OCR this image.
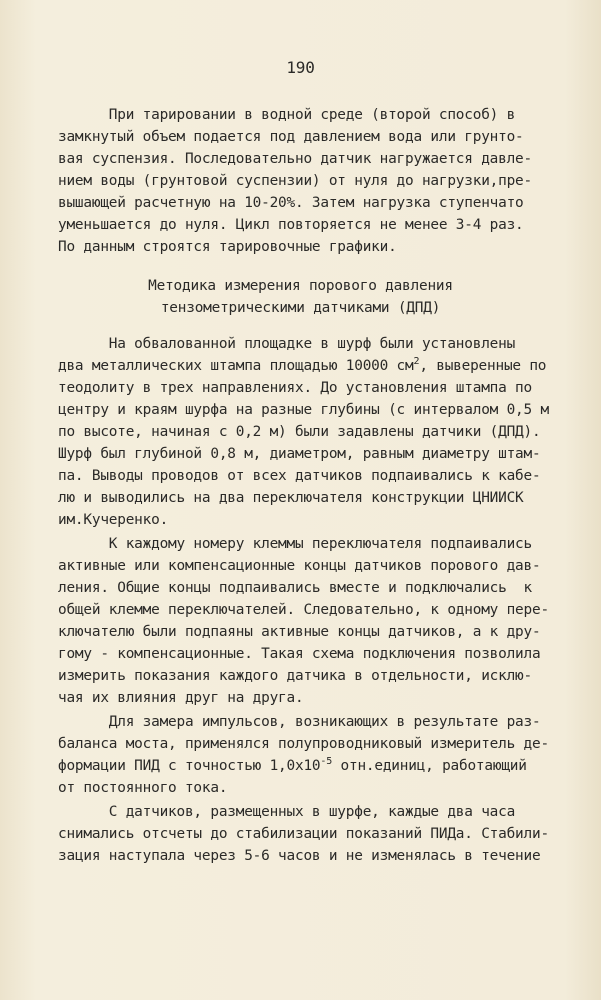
190
При тарировании в водной среде (второй способ) в
замкнутый объем подается под давлением вода или грунто-
вая суспензия. Последовательно датчик нагружается давле-
нием воды (грунтовой суспензии) от нуля до нагрузки,пре-
вышающей расчетную на 10-20%. Затем нагрузка ступенчато
уменьшается до нуля. Цикл повторяется не менее 3-4 раз.
По данным строятся тарировочные графики.
Методика измерения порового давления
тензометрическими датчиками (ДПД)
На обвалованной площадке в шурф были установлены
два металлических штампа площадью 10000 $см^2$, выверенные по
теодолиту в трех направлениях. До установления штампа по
центру и краям шурфа на разные глубины (с интервалом 0,5 м
по высоте, начиная с 0,2 м) были задавлены датчики (ДПД).
Шурф был глубиной 0,8 м, диаметром, равным диаметру штам-
па. Выводы проводов от всех датчиков подпаивались к кабе-
лю и выводились на два переключателя конструкции ЦНИИСК
им.Кучеренко.
К каждому номеру клеммы переключателя подпаивались
активные или компенсационные концы датчиков порового дав-
ления. Общие концы подпаивались вместе и подключались  к
общей клемме переключателей. Следовательно, к одному пере-
ключателю были подпаяны активные концы датчиков, а к дру-
гому - компенсационные. Такая схема подключения позволила
измерить показания каждого датчика в отдельности, исклю-
чая их влияния друг на друга.
Для замера импульсов, возникающих в результате раз-
баланса моста, применялся полупроводниковый измеритель де-
формации ПИД с точностью $1,0х10^{-5}$ отн.единиц, работающий
от постоянного тока.
С датчиков, размещенных в шурфе, каждые два часа
снимались отсчеты до стабилизации показаний ПИДа. Стабили-
зация наступала через 5-6 часов и не изменялась в течение
